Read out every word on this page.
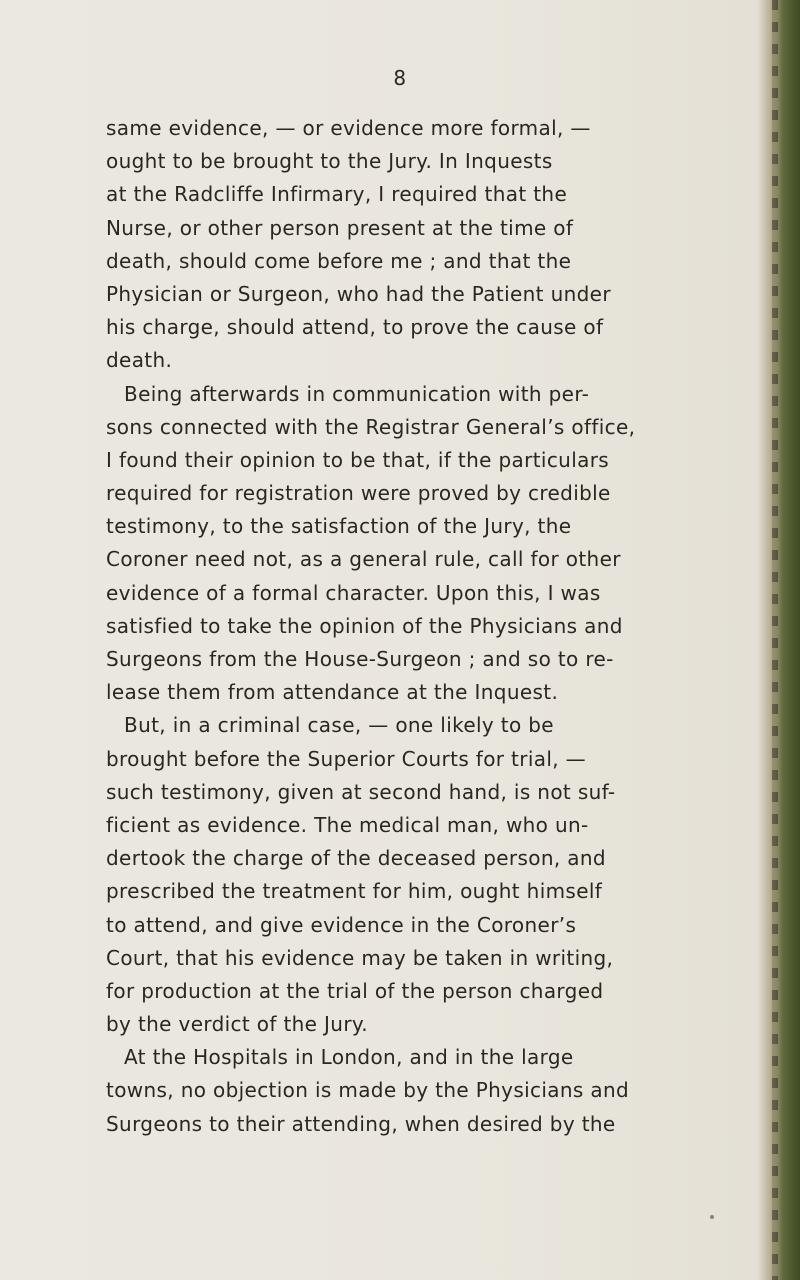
8
same evidence, — or evidence more formal, —
ought to be brought to the Jury. In Inquests
at the Radcliffe Infirmary, I required that the
Nurse, or other person present at the time of
death, should come before me ; and that the
Physician or Surgeon, who had the Patient under
his charge, should attend, to prove the cause of
death.
Being afterwards in communication with per-
sons connected with the Registrar General’s office,
I found their opinion to be that, if the particulars
required for registration were proved by credible
testimony, to the satisfaction of the Jury, the
Coroner need not, as a general rule, call for other
evidence of a formal character. Upon this, I was
satisfied to take the opinion of the Physicians and
Surgeons from the House-Surgeon ; and so to re-
lease them from attendance at the Inquest.
But, in a criminal case, — one likely to be
brought before the Superior Courts for trial, —
such testimony, given at second hand, is not suf-
ficient as evidence. The medical man, who un-
dertook the charge of the deceased person, and
prescribed the treatment for him, ought himself
to attend, and give evidence in the Coroner’s
Court, that his evidence may be taken in writing,
for production at the trial of the person charged
by the verdict of the Jury.
At the Hospitals in London, and in the large
towns, no objection is made by the Physicians and
Surgeons to their attending, when desired by the
